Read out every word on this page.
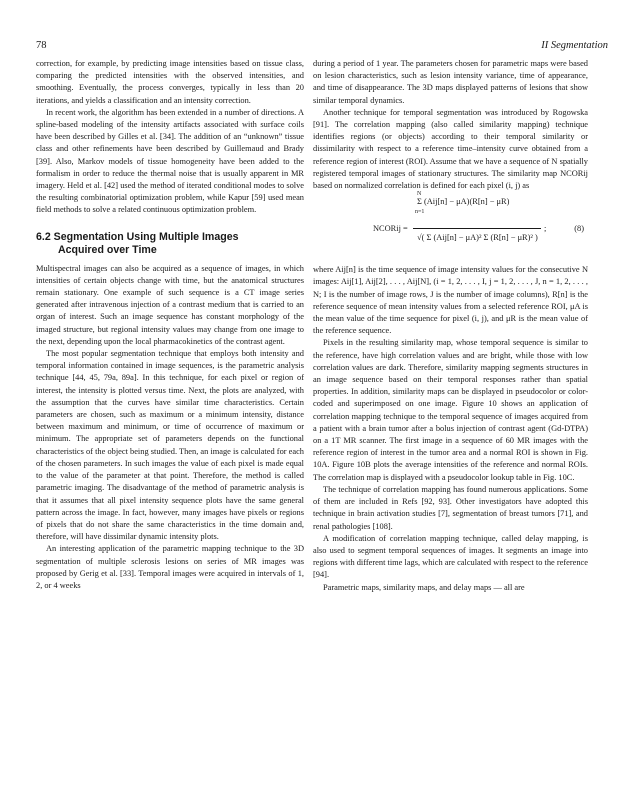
78	II Segmentation

correction, for example, by predicting image intensities based on tissue class, comparing the predicted intensities with the observed intensities, and smoothing. Eventually, the process converges, typically in less than 20 iterations, and yields a classification and an intensity correction.

In recent work, the algorithm has been extended in a number of directions. A spline-based modeling of the intensity artifacts associated with surface coils have been described by Gilles et al. [34]. The addition of an “unknown” tissue class and other refinements have been described by Guillemaud and Brady [39]. Also, Markov models of tissue homogeneity have been added to the formalism in order to reduce the thermal noise that is usually apparent in MR imagery. Held et al. [42] used the method of iterated conditional modes to solve the resulting combinatorial optimization problem, while Kapur [59] used mean field methods to solve a related continuous optimization problem.

6.2 Segmentation Using Multiple Images
Acquired over Time

Multispectral images can also be acquired as a sequence of images, in which intensities of certain objects change with time, but the anatomical structures remain stationary. One example of such sequence is a CT image series generated after intravenous injection of a contrast medium that is carried to an organ of interest. Such an image sequence has constant morphology of the imaged structure, but regional intensity values may change from one image to the next, depending upon the local pharmacokinetics of the contrast agent.

The most popular segmentation technique that employs both intensity and temporal information contained in image sequences, is the parametric analysis technique [44, 45, 79a, 89a]. In this technique, for each pixel or region of interest, the intensity is plotted versus time. Next, the plots are analyzed, with the assumption that the curves have similar time characteristics. Certain parameters are chosen, such as maximum or a minimum intensity, distance between maximum and minimum, or time of occurrence of maximum or minimum. The appropriate set of parameters depends on the functional characteristics of the object being studied. Then, an image is calculated for each of the chosen parameters. In such images the value of each pixel is made equal to the value of the parameter at that point. Therefore, the method is called parametric imaging. The disadvantage of the method of parametric analysis is that it assumes that all pixel intensity sequence plots have the same general pattern across the image. In fact, however, many images have pixels or regions of pixels that do not share the same characteristics in the time domain and, therefore, will have dissimilar dynamic intensity plots.

An interesting application of the parametric mapping technique to the 3D segmentation of multiple sclerosis lesions on series of MR images was proposed by Gerig et al. [33]. Temporal images were acquired in intervals of 1, 2, or 4 weeks

during a period of 1 year. The parameters chosen for parametric maps were based on lesion characteristics, such as lesion intensity variance, time of appearance, and time of disappearance. The 3D maps displayed patterns of lesions that show similar temporal dynamics.

Another technique for temporal segmentation was introduced by Rogowska [91]. The correlation mapping (also called similarity mapping) technique identifies regions (or objects) according to their temporal similarity or dissimilarity with respect to a reference time–intensity curve obtained from a reference region of interest (ROI). Assume that we have a sequence of N spatially registered temporal images of stationary structures. The similarity map NCORij based on normalized correlation is defined for each pixel (i, j) as

NCORij =
Σ (Aij[n] − μA)(R[n] − μR)
√( Σ (Aij[n] − μA)² Σ (R[n] − μR)² )
;	(8)
N
n=1

where Aij[n] is the time sequence of image intensity values for the consecutive N images: Aij[1], Aij[2], . . . , Aij[N], (i = 1, 2, . . . , I, j = 1, 2, . . . , J, n = 1, 2, . . . , N; I is the number of image rows, J is the number of image columns), R[n] is the reference sequence of mean intensity values from a selected reference ROI, μA is the mean value of the time sequence for pixel (i, j), and μR is the mean value of the reference sequence.

Pixels in the resulting similarity map, whose temporal sequence is similar to the reference, have high correlation values and are bright, while those with low correlation values are dark. Therefore, similarity mapping segments structures in an image sequence based on their temporal responses rather than spatial properties. In addition, similarity maps can be displayed in pseudocolor or color-coded and superimposed on one image. Figure 10 shows an application of correlation mapping technique to the temporal sequence of images acquired from a patient with a brain tumor after a bolus injection of contrast agent (Gd-DTPA) on a 1T MR scanner. The first image in a sequence of 60 MR images with the reference region of interest in the tumor area and a normal ROI is shown in Fig. 10A. Figure 10B plots the average intensities of the reference and normal ROIs. The correlation map is displayed with a pseudocolor lookup table in Fig. 10C.

The technique of correlation mapping has found numerous applications. Some of them are included in Refs [92, 93]. Other investigators have adopted this technique in brain activation studies [7], segmentation of breast tumors [71], and renal pathologies [108].

A modification of correlation mapping technique, called delay mapping, is also used to segment temporal sequences of images. It segments an image into regions with different time lags, which are calculated with respect to the reference [94].

Parametric maps, similarity maps, and delay maps — all are
